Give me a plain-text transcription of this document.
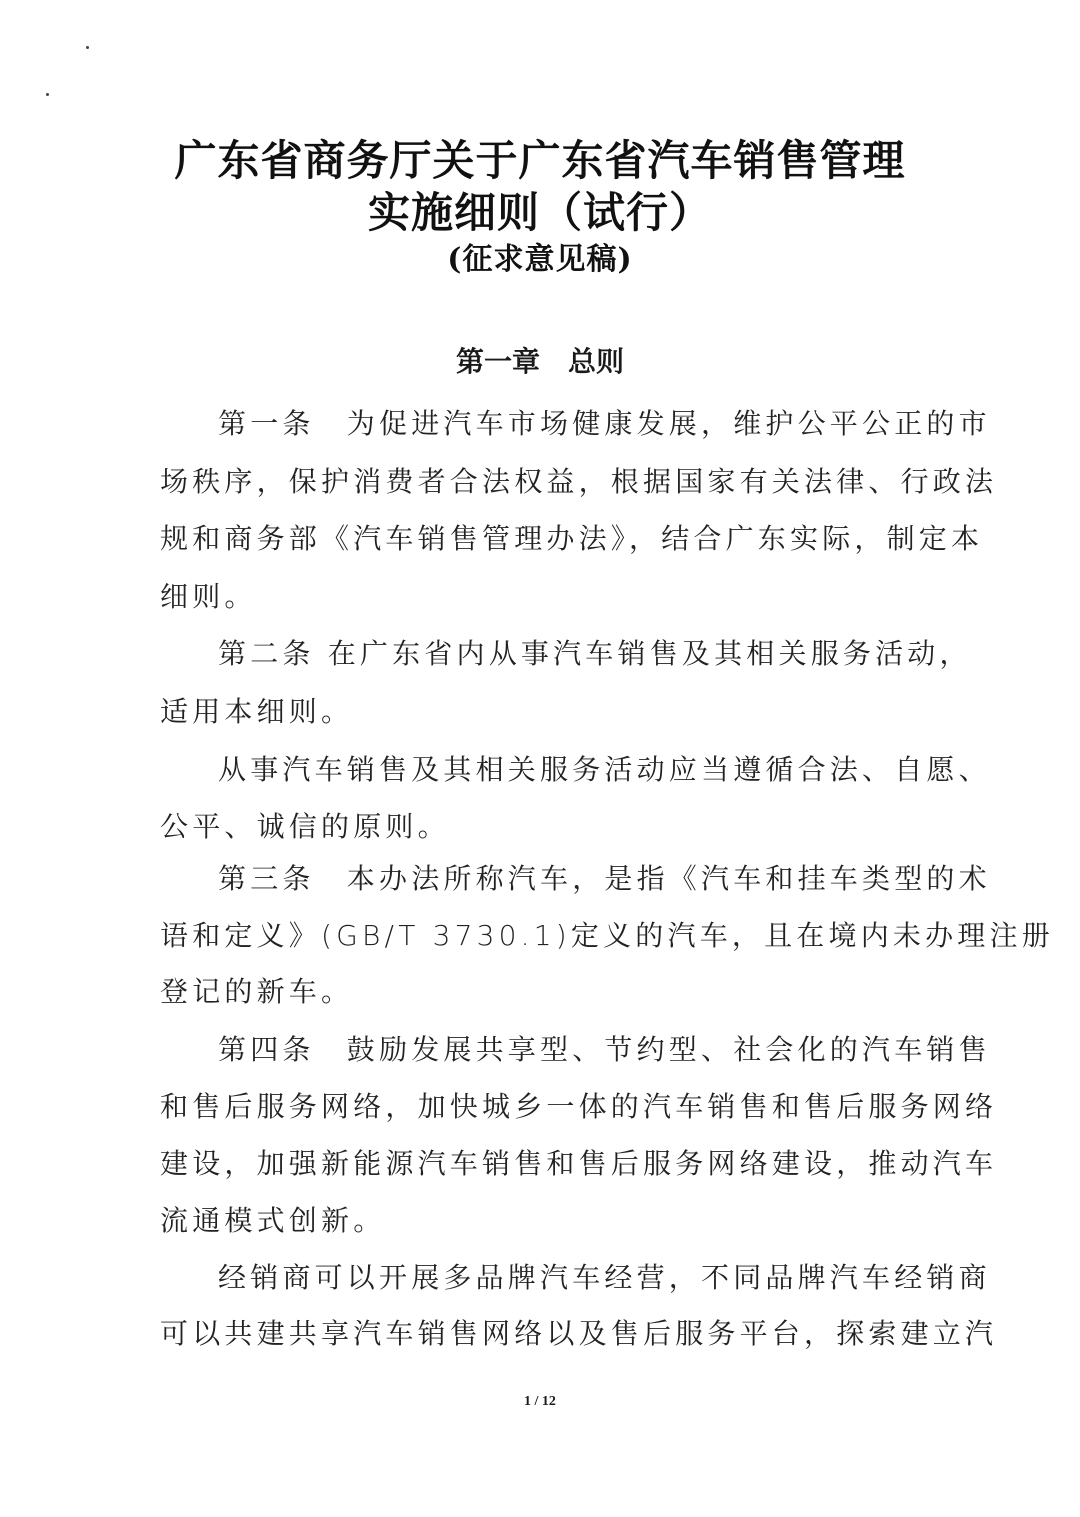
广东省商务厅关于广东省汽车销售管理
实施细则（试行）
(征求意见稿)
第一章　总则
第一条　为促进汽车市场健康发展，维护公平公正的市
场秩序，保护消费者合法权益，根据国家有关法律、行政法
规和商务部《汽车销售管理办法》，结合广东实际，制定本
细则。
第二条 在广东省内从事汽车销售及其相关服务活动，
适用本细则。
从事汽车销售及其相关服务活动应当遵循合法、自愿、
公平、诚信的原则。
第三条　本办法所称汽车，是指《汽车和挂车类型的术
语和定义》(GB/T 3730.1)定义的汽车，且在境内未办理注册
登记的新车。
第四条　鼓励发展共享型、节约型、社会化的汽车销售
和售后服务网络，加快城乡一体的汽车销售和售后服务网络
建设，加强新能源汽车销售和售后服务网络建设，推动汽车
流通模式创新。
经销商可以开展多品牌汽车经营，不同品牌汽车经销商
可以共建共享汽车销售网络以及售后服务平台，探索建立汽
1 / 12
